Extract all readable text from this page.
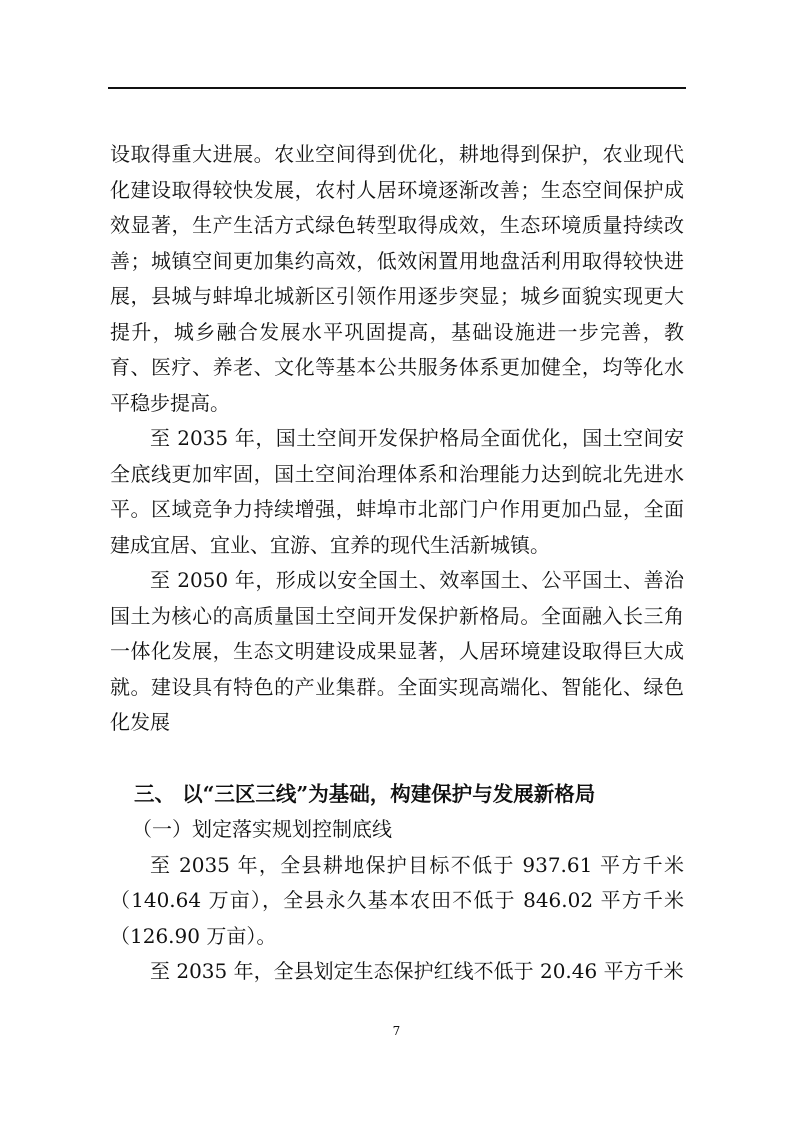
设取得重大进展。农业空间得到优化，耕地得到保护，农业现代化建设取得较快发展，农村人居环境逐渐改善；生态空间保护成效显著，生产生活方式绿色转型取得成效，生态环境质量持续改善；城镇空间更加集约高效，低效闲置用地盘活利用取得较快进展，县城与蚌埠北城新区引领作用逐步突显；城乡面貌实现更大提升，城乡融合发展水平巩固提高，基础设施进一步完善，教育、医疗、养老、文化等基本公共服务体系更加健全，均等化水平稳步提高。

至 2035 年，国土空间开发保护格局全面优化，国土空间安全底线更加牢固，国土空间治理体系和治理能力达到皖北先进水平。区域竞争力持续增强，蚌埠市北部门户作用更加凸显，全面建成宜居、宜业、宜游、宜养的现代生活新城镇。

至 2050 年，形成以安全国土、效率国土、公平国土、善治国土为核心的高质量国土空间开发保护新格局。全面融入长三角一体化发展，生态文明建设成果显著，人居环境建设取得巨大成就。建设具有特色的产业集群。全面实现高端化、智能化、绿色化发展

三、 以“三区三线”为基础，构建保护与发展新格局

（一）划定落实规划控制底线

至 2035 年，全县耕地保护目标不低于 937.61 平方千米（140.64 万亩），全县永久基本农田不低于 846.02 平方千米（126.90 万亩）。

至 2035 年，全县划定生态保护红线不低于 20.46 平方千米

7
